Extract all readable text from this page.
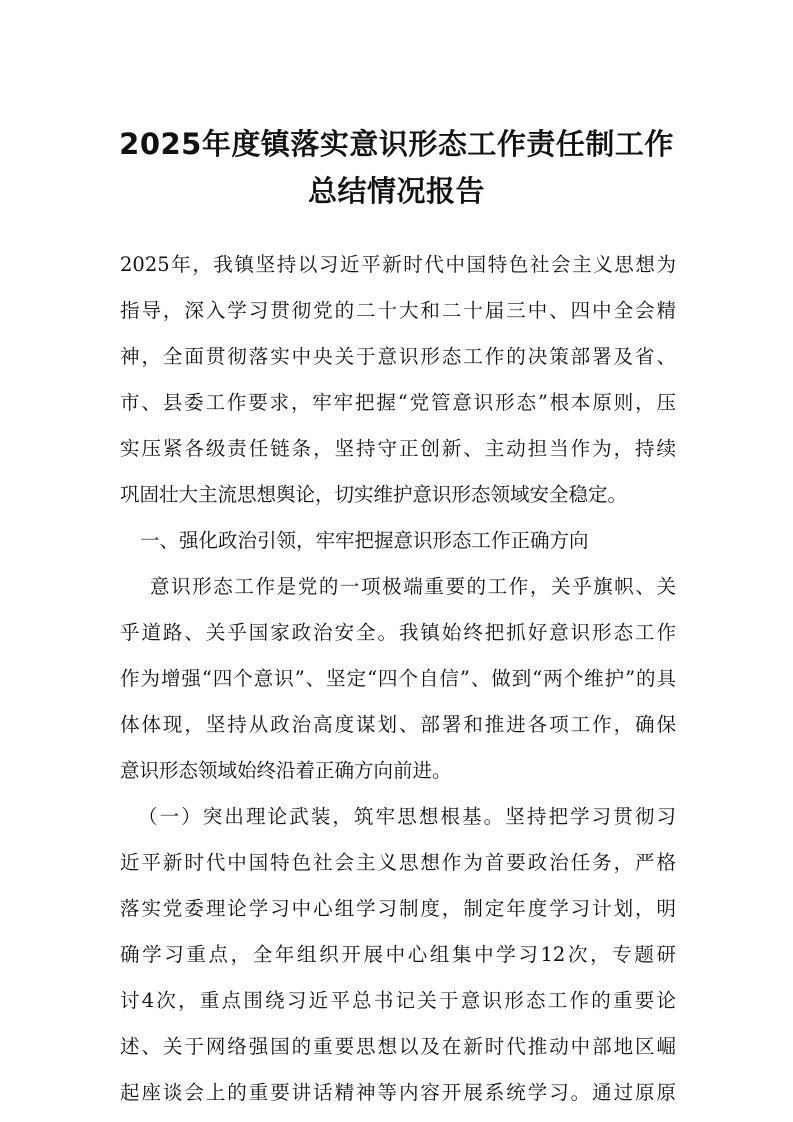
2025年度镇落实意识形态工作责任制工作
总结情况报告
2025年，我镇坚持以习近平新时代中国特色社会主义思想为
指导，深入学习贯彻党的二十大和二十届三中、四中全会精
神，全面贯彻落实中央关于意识形态工作的决策部署及省、
市、县委工作要求，牢牢把握“党管意识形态”根本原则，压
实压紧各级责任链条，坚持守正创新、主动担当作为，持续
巩固壮大主流思想舆论，切实维护意识形态领域安全稳定。
一、强化政治引领，牢牢把握意识形态工作正确方向
意识形态工作是党的一项极端重要的工作，关乎旗帜、关
乎道路、关乎国家政治安全。我镇始终把抓好意识形态工作
作为增强“四个意识”、坚定“四个自信”、做到“两个维护”的具
体体现，坚持从政治高度谋划、部署和推进各项工作，确保
意识形态领域始终沿着正确方向前进。
（一）突出理论武装，筑牢思想根基。坚持把学习贯彻习
近平新时代中国特色社会主义思想作为首要政治任务，严格
落实党委理论学习中心组学习制度，制定年度学习计划，明
确学习重点，全年组织开展中心组集中学习12次，专题研
讨4次，重点围绕习近平总书记关于意识形态工作的重要论
述、关于网络强国的重要思想以及在新时代推动中部地区崛
起座谈会上的重要讲话精神等内容开展系统学习。通过原原
